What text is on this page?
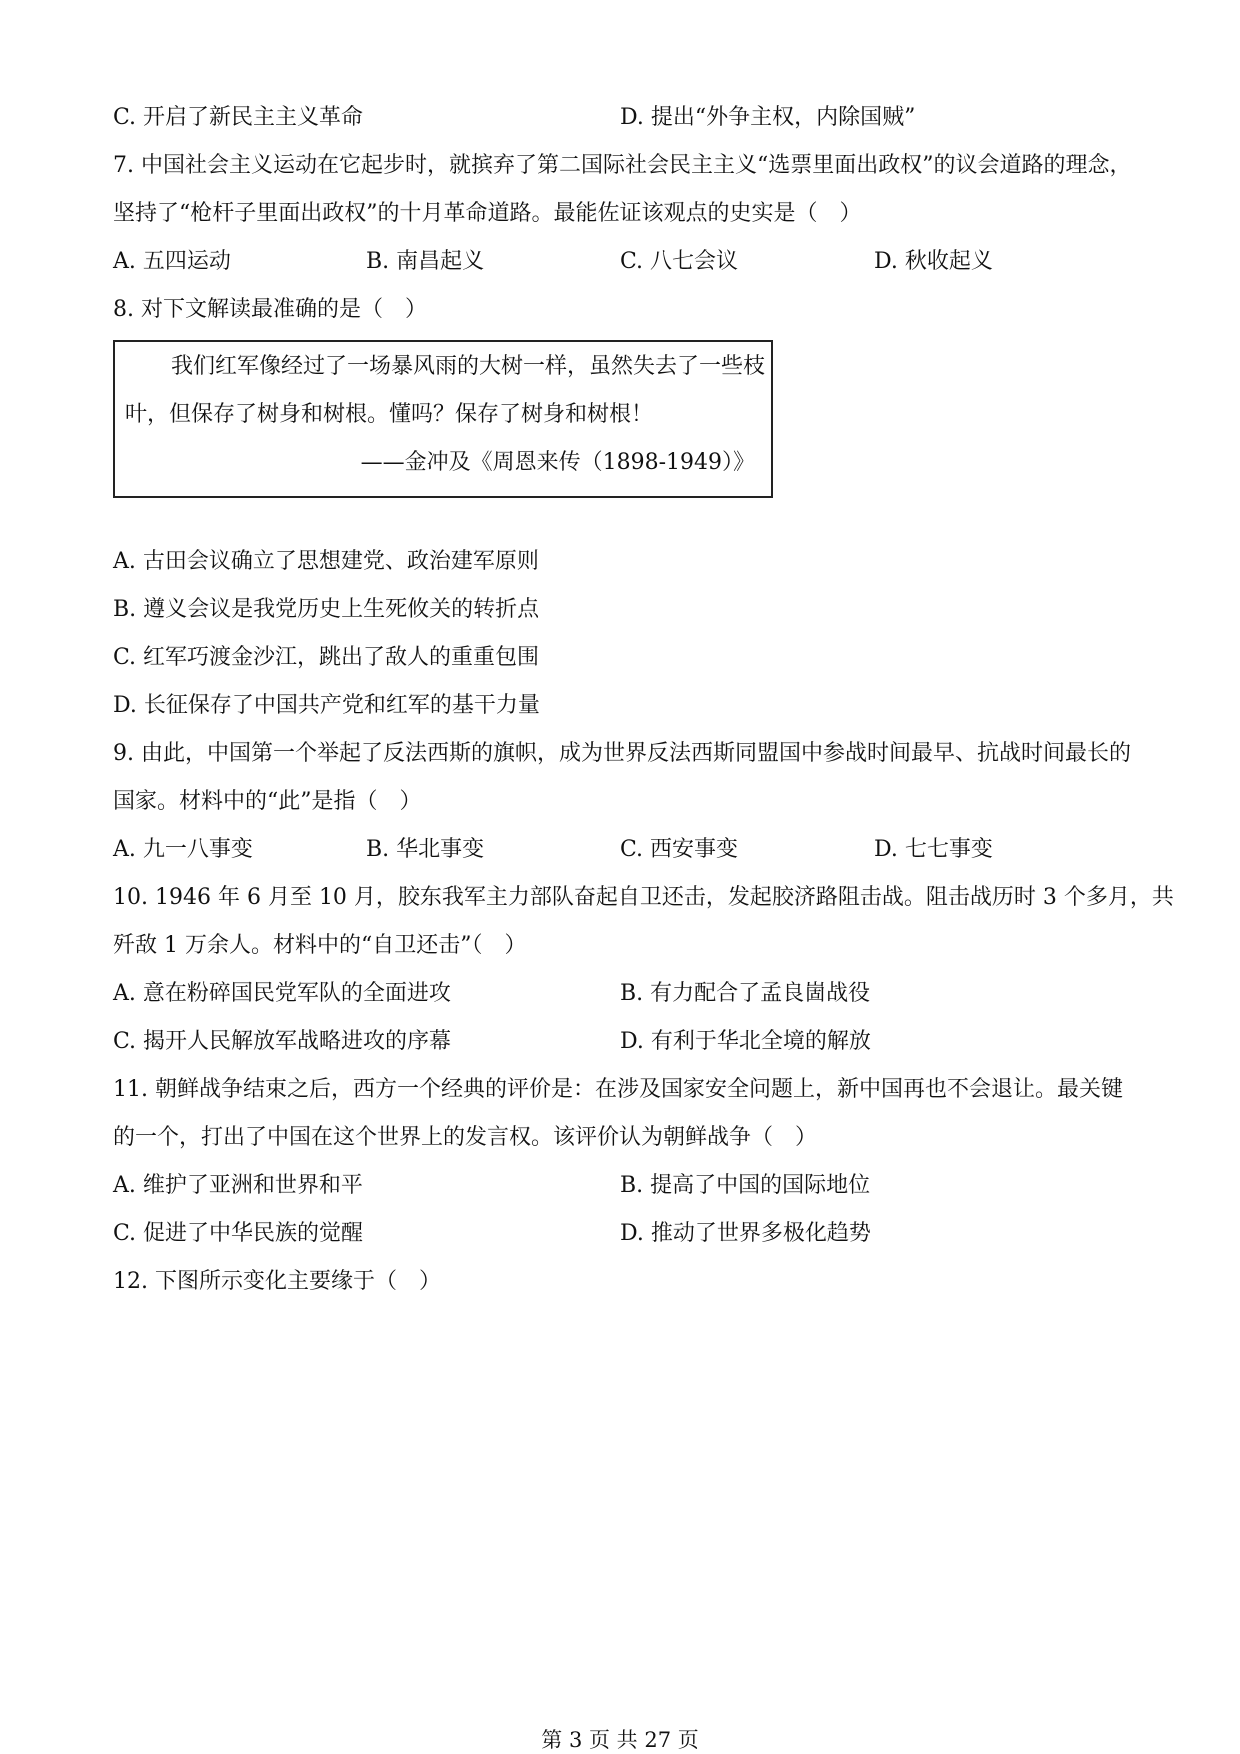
C. 开启了新民主主义革命	D. 提出“外争主权，内除国贼”

7. 中国社会主义运动在它起步时，就摈弃了第二国际社会民主主义“选票里面出政权”的议会道路的理念，

坚持了“枪杆子里面出政权”的十月革命道路。最能佐证该观点的史实是（　）

A. 五四运动	B. 南昌起义	C. 八七会议	D. 秋收起义

8. 对下文解读最准确的是（　）

我们红军像经过了一场暴风雨的大树一样，虽然失去了一些枝
叶，但保存了树身和树根。懂吗？保存了树身和树根！
——金冲及《周恩来传（1898-1949）》

A. 古田会议确立了思想建党、政治建军原则

B. 遵义会议是我党历史上生死攸关的转折点

C. 红军巧渡金沙江，跳出了敌人的重重包围

D. 长征保存了中国共产党和红军的基干力量

9. 由此，中国第一个举起了反法西斯的旗帜，成为世界反法西斯同盟国中参战时间最早、抗战时间最长的

国家。材料中的“此”是指（　）

A. 九一八事变	B. 华北事变	C. 西安事变	D. 七七事变

10. 1946 年 6 月至 10 月，胶东我军主力部队奋起自卫还击，发起胶济路阻击战。阻击战历时 3 个多月，共

歼敌 1 万余人。材料中的“自卫还击”（　）

A. 意在粉碎国民党军队的全面进攻	B. 有力配合了孟良崮战役
C. 揭开人民解放军战略进攻的序幕	D. 有利于华北全境的解放

11. 朝鲜战争结束之后，西方一个经典的评价是：在涉及国家安全问题上，新中国再也不会退让。最关键

的一个，打出了中国在这个世界上的发言权。该评价认为朝鲜战争（　）

A. 维护了亚洲和世界和平	B. 提高了中国的国际地位
C. 促进了中华民族的觉醒	D. 推动了世界多极化趋势

12. 下图所示变化主要缘于（　）

第 3 页 共 27 页
